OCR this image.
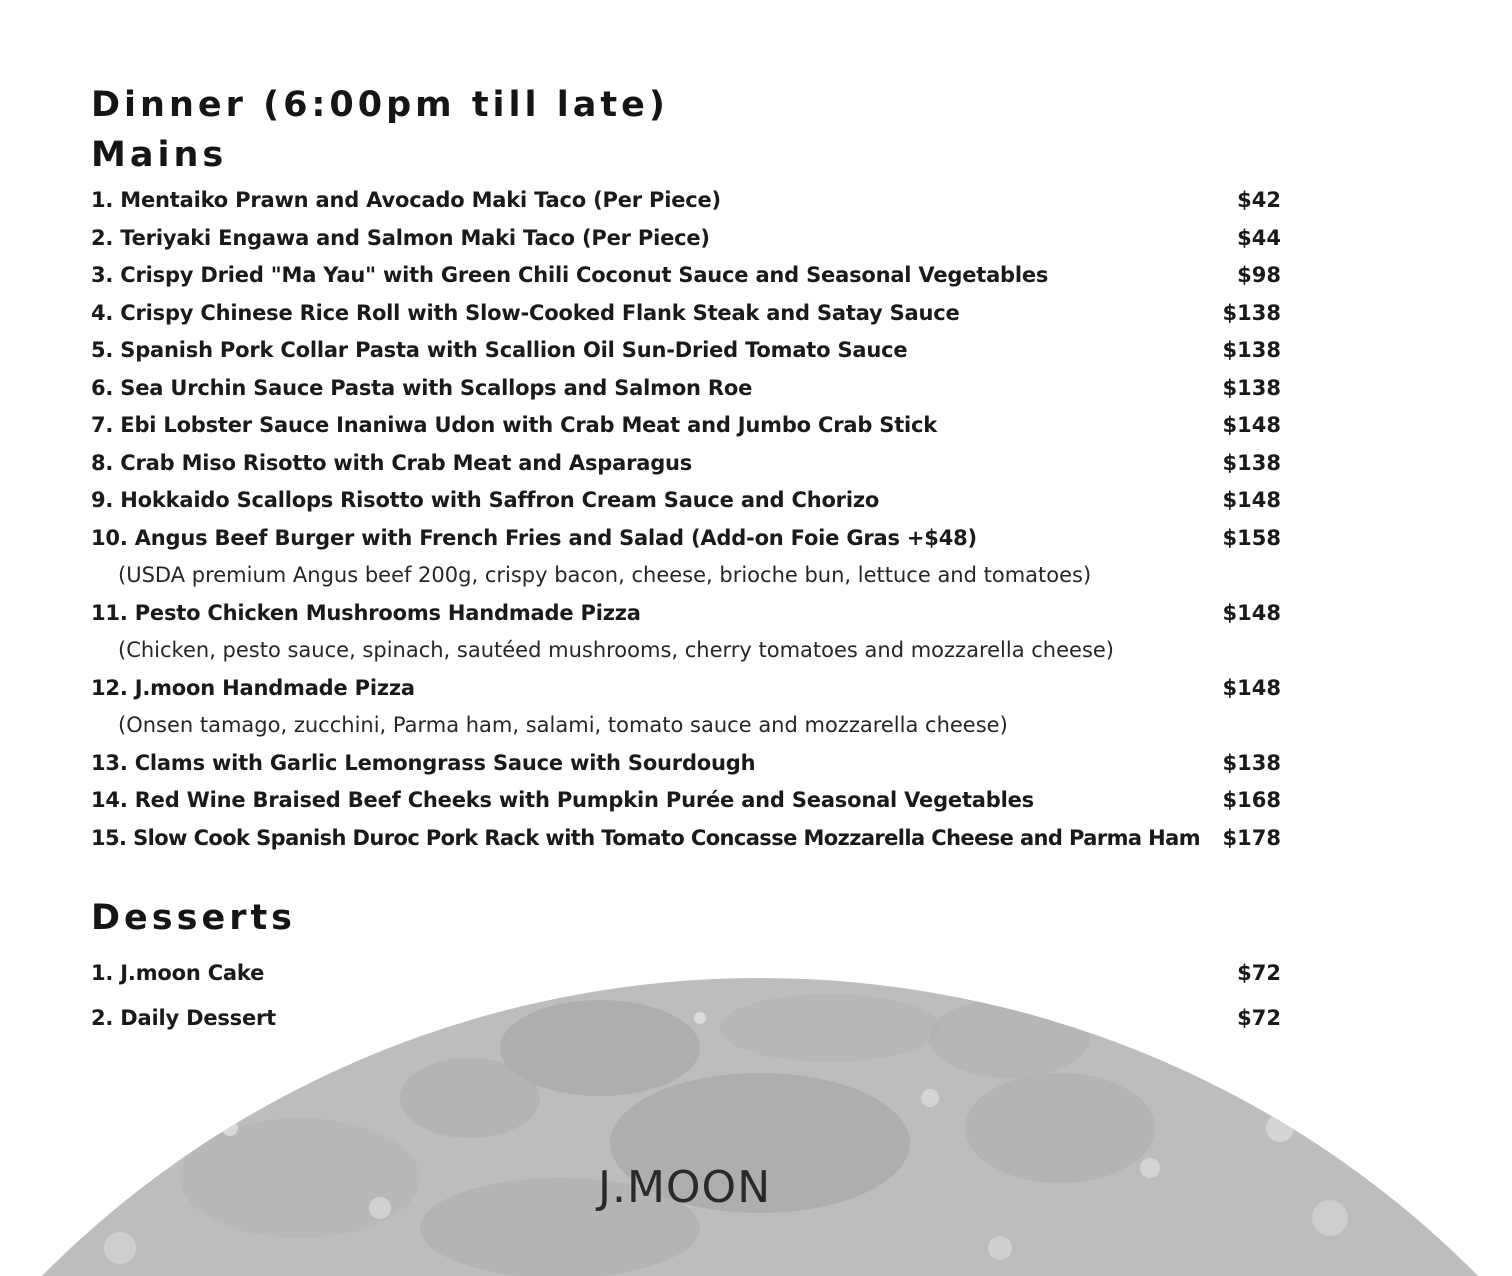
Dinner (6:00pm till late)
Mains
1. Mentaiko Prawn and Avocado Maki Taco (Per Piece)	$42
2. Teriyaki Engawa and Salmon Maki Taco (Per Piece)	$44
3. Crispy Dried "Ma Yau" with Green Chili Coconut Sauce and Seasonal Vegetables	$98
4. Crispy Chinese Rice Roll with Slow-Cooked Flank Steak and Satay Sauce	$138
5. Spanish Pork Collar Pasta with Scallion Oil Sun-Dried Tomato Sauce	$138
6. Sea Urchin Sauce Pasta with Scallops and Salmon Roe	$138
7. Ebi Lobster Sauce Inaniwa Udon with Crab Meat and Jumbo Crab Stick	$148
8. Crab Miso Risotto with Crab Meat and Asparagus	$138
9. Hokkaido Scallops Risotto with Saffron Cream Sauce and Chorizo	$148
10. Angus Beef Burger with French Fries and Salad (Add-on Foie Gras +$48)	$158
(USDA premium Angus beef 200g, crispy bacon, cheese, brioche bun, lettuce and tomatoes)
11. Pesto Chicken Mushrooms Handmade Pizza	$148
(Chicken, pesto sauce, spinach, sautéed mushrooms, cherry tomatoes and mozzarella cheese)
12. J.moon Handmade Pizza	$148
(Onsen tamago, zucchini, Parma ham, salami, tomato sauce and mozzarella cheese)
13. Clams with Garlic Lemongrass Sauce with Sourdough	$138
14. Red Wine Braised Beef Cheeks with Pumpkin Purée and Seasonal Vegetables	$168
15. Slow Cook Spanish Duroc Pork Rack with Tomato Concasse Mozzarella Cheese and Parma Ham $178
Desserts
1. J.moon Cake	$72
2. Daily Dessert	$72
J.MOON
